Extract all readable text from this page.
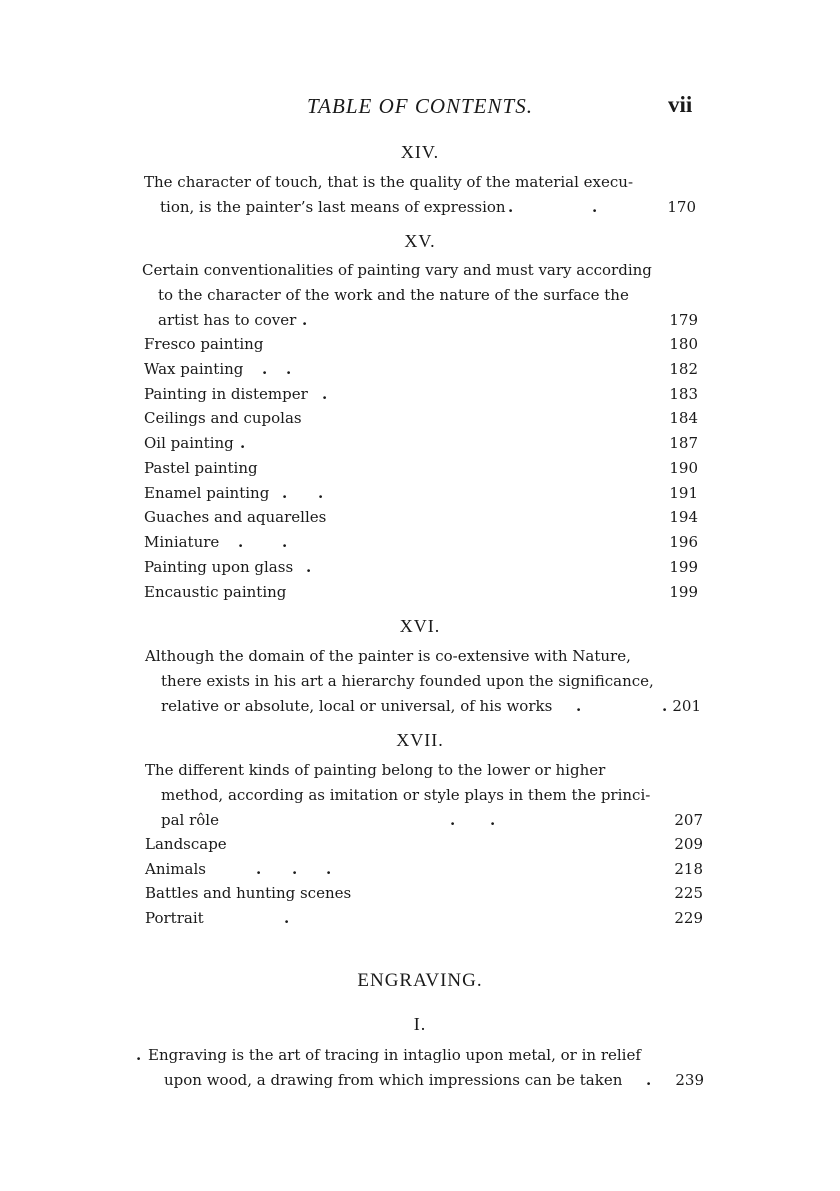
TABLE OF CONTENTS.	vii
XIV.
The character of touch, that is the quality of the material execu-
tion, is the painter’s last means of expression	170
.	.
XV.
Certain conventionalities of painting vary and must vary according
to the character of the work and the nature of the surface the
artist has to cover	179
.
Fresco painting	180
Wax painting	182
. .
Painting in distemper	183
.
Ceilings and cupolas	184
Oil painting	187
.
Pastel painting	190
Enamel painting	191
. .
Guaches and aquarelles	194
Miniature	196
.	.
Painting upon glass	199
.
Encaustic painting	199
XVI.
Although the domain of the painter is co-extensive with Nature,
there exists in his art a hierarchy founded upon the significance,
relative or absolute, local or universal, of his works	201
.	.
XVII.
The different kinds of painting belong to the lower or higher
method, according as imitation or style plays in them the princi-
pal rôle	207
. .
Landscape	209
Animals	218
. . .
Battles and hunting scenes	225
Portrait	229
.
ENGRAVING.
I.
. Engraving is the art of tracing in intaglio upon metal, or in relief
upon wood, a drawing from which impressions can be taken	239
.
